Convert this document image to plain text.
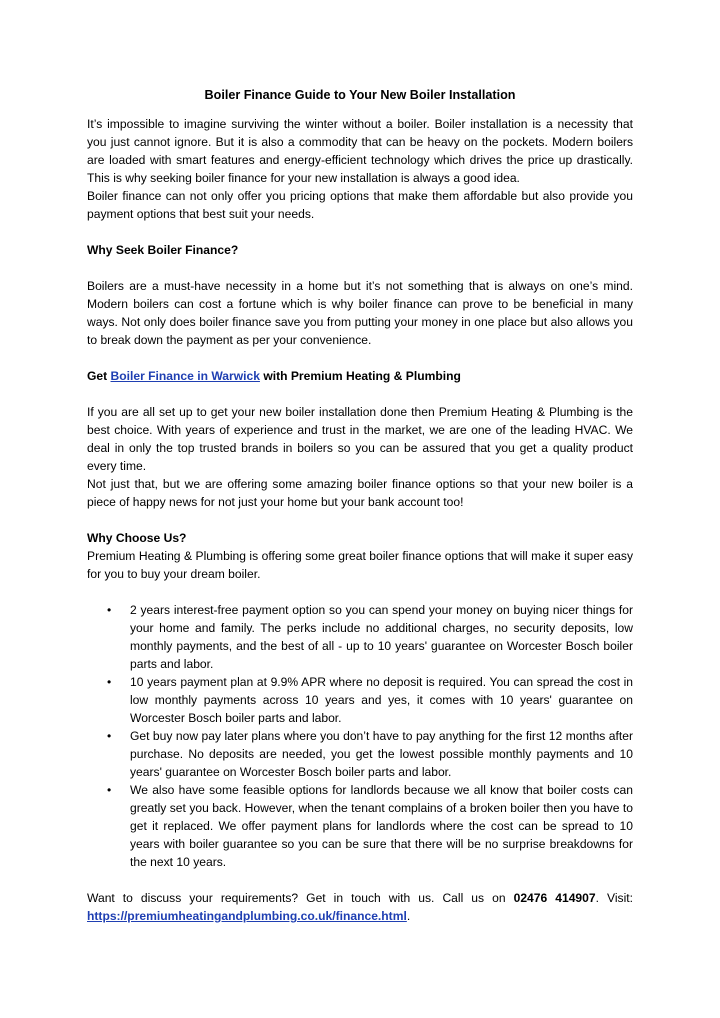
Boiler Finance Guide to Your New Boiler Installation

It’s impossible to imagine surviving the winter without a boiler. Boiler installation is a necessity that you just cannot ignore. But it is also a commodity that can be heavy on the pockets. Modern boilers are loaded with smart features and energy-efficient technology which drives the price up drastically. This is why seeking boiler finance for your new installation is always a good idea.

Boiler finance can not only offer you pricing options that make them affordable but also provide you payment options that best suit your needs.

Why Seek Boiler Finance?

Boilers are a must-have necessity in a home but it’s not something that is always on one’s mind. Modern boilers can cost a fortune which is why boiler finance can prove to be beneficial in many ways. Not only does boiler finance save you from putting your money in one place but also allows you to break down the payment as per your convenience.

Get Boiler Finance in Warwick with Premium Heating & Plumbing

If you are all set up to get your new boiler installation done then Premium Heating & Plumbing is the best choice. With years of experience and trust in the market, we are one of the leading HVAC. We deal in only the top trusted brands in boilers so you can be assured that you get a quality product every time.

Not just that, but we are offering some amazing boiler finance options so that your new boiler is a piece of happy news for not just your home but your bank account too!

Why Choose Us?

Premium Heating & Plumbing is offering some great boiler finance options that will make it super easy for you to buy your dream boiler.

• 2 years interest-free payment option so you can spend your money on buying nicer things for your home and family. The perks include no additional charges, no security deposits, low monthly payments, and the best of all - up to 10 years' guarantee on Worcester Bosch boiler parts and labor.
• 10 years payment plan at 9.9% APR where no deposit is required. You can spread the cost in low monthly payments across 10 years and yes, it comes with 10 years' guarantee on Worcester Bosch boiler parts and labor.
• Get buy now pay later plans where you don’t have to pay anything for the first 12 months after purchase. No deposits are needed, you get the lowest possible monthly payments and 10 years' guarantee on Worcester Bosch boiler parts and labor.
• We also have some feasible options for landlords because we all know that boiler costs can greatly set you back. However, when the tenant complains of a broken boiler then you have to get it replaced. We offer payment plans for landlords where the cost can be spread to 10 years with boiler guarantee so you can be sure that there will be no surprise breakdowns for the next 10 years.

Want to discuss your requirements? Get in touch with us. Call us on 02476 414907. Visit: https://premiumheatingandplumbing.co.uk/finance.html.
